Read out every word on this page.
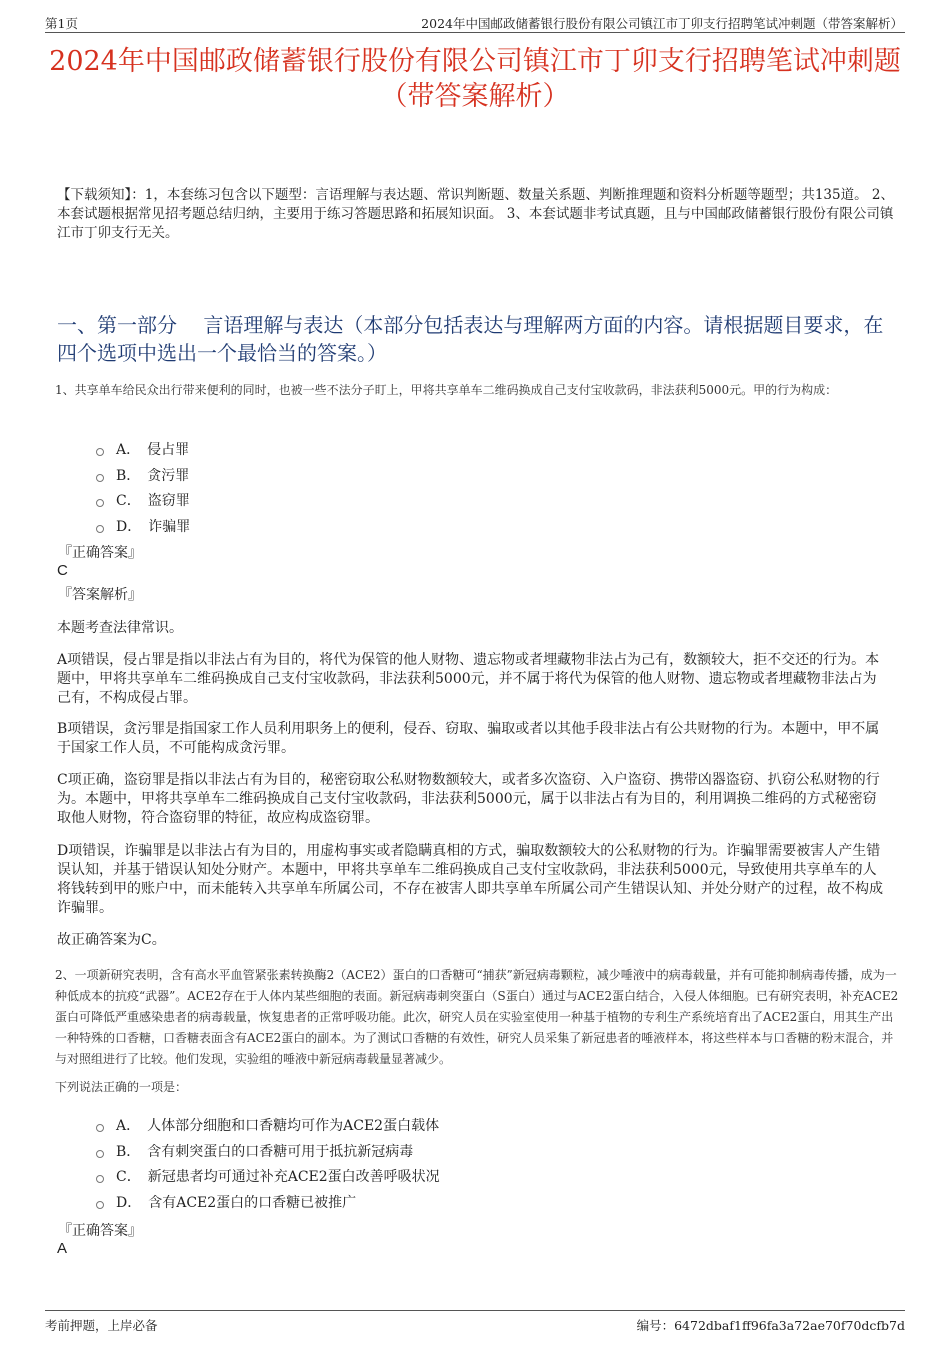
第1页	2024年中国邮政储蓄银行股份有限公司镇江市丁卯支行招聘笔试冲刺题（带答案解析）
2024年中国邮政储蓄银行股份有限公司镇江市丁卯支行招聘笔试冲刺题（带答案解析）
【下载须知】：1，本套练习包含以下题型：言语理解与表达题、常识判断题、数量关系题、判断推理题和资料分析题等题型；共135道。 2、本套试题根据常见招考题总结归纳，主要用于练习答题思路和拓展知识面。 3、本套试题非考试真题，且与中国邮政储蓄银行股份有限公司镇江市丁卯支行无关。
一、第一部分　 言语理解与表达（本部分包括表达与理解两方面的内容。请根据题目要求，在四个选项中选出一个最恰当的答案。）
1、共享单车给民众出行带来便利的同时，也被一些不法分子盯上，甲将共享单车二维码换成自己支付宝收款码，非法获利5000元。甲的行为构成：
A． 侵占罪
B． 贪污罪
C． 盗窃罪
D． 诈骗罪
『正确答案』
C
『答案解析』
本题考查法律常识。
A项错误，侵占罪是指以非法占有为目的，将代为保管的他人财物、遗忘物或者埋藏物非法占为己有，数额较大，拒不交还的行为。本题中，甲将共享单车二维码换成自己支付宝收款码，非法获利5000元，并不属于将代为保管的他人财物、遗忘物或者埋藏物非法占为己有，不构成侵占罪。
B项错误，贪污罪是指国家工作人员利用职务上的便利，侵吞、窃取、骗取或者以其他手段非法占有公共财物的行为。本题中，甲不属于国家工作人员，不可能构成贪污罪。
C项正确，盗窃罪是指以非法占有为目的，秘密窃取公私财物数额较大，或者多次盗窃、入户盗窃、携带凶器盗窃、扒窃公私财物的行为。本题中，甲将共享单车二维码换成自己支付宝收款码，非法获利5000元，属于以非法占有为目的，利用调换二维码的方式秘密窃取他人财物，符合盗窃罪的特征，故应构成盗窃罪。
D项错误，诈骗罪是以非法占有为目的，用虚构事实或者隐瞒真相的方式，骗取数额较大的公私财物的行为。诈骗罪需要被害人产生错误认知，并基于错误认知处分财产。本题中，甲将共享单车二维码换成自己支付宝收款码，非法获利5000元，导致使用共享单车的人将钱转到甲的账户中，而未能转入共享单车所属公司，不存在被害人即共享单车所属公司产生错误认知、并处分财产的过程，故不构成诈骗罪。
故正确答案为C。
2、一项新研究表明，含有高水平血管紧张素转换酶2（ACE2）蛋白的口香糖可“捕获”新冠病毒颗粒，减少唾液中的病毒载量，并有可能抑制病毒传播，成为一种低成本的抗疫“武器”。ACE2存在于人体内某些细胞的表面。新冠病毒刺突蛋白（S蛋白）通过与ACE2蛋白结合，入侵人体细胞。已有研究表明，补充ACE2蛋白可降低严重感染患者的病毒载量，恢复患者的正常呼吸功能。此次，研究人员在实验室使用一种基于植物的专利生产系统培育出了ACE2蛋白，用其生产出一种特殊的口香糖，口香糖表面含有ACE2蛋白的副本。为了测试口香糖的有效性，研究人员采集了新冠患者的唾液样本，将这些样本与口香糖的粉末混合，并与对照组进行了比较。他们发现，实验组的唾液中新冠病毒载量显著减少。
下列说法正确的一项是：
A． 人体部分细胞和口香糖均可作为ACE2蛋白载体
B． 含有刺突蛋白的口香糖可用于抵抗新冠病毒
C． 新冠患者均可通过补充ACE2蛋白改善呼吸状况
D． 含有ACE2蛋白的口香糖已被推广
『正确答案』
A
考前押题，上岸必备	编号：6472dbaf1ff96fa3a72ae70f70dcfb7d
